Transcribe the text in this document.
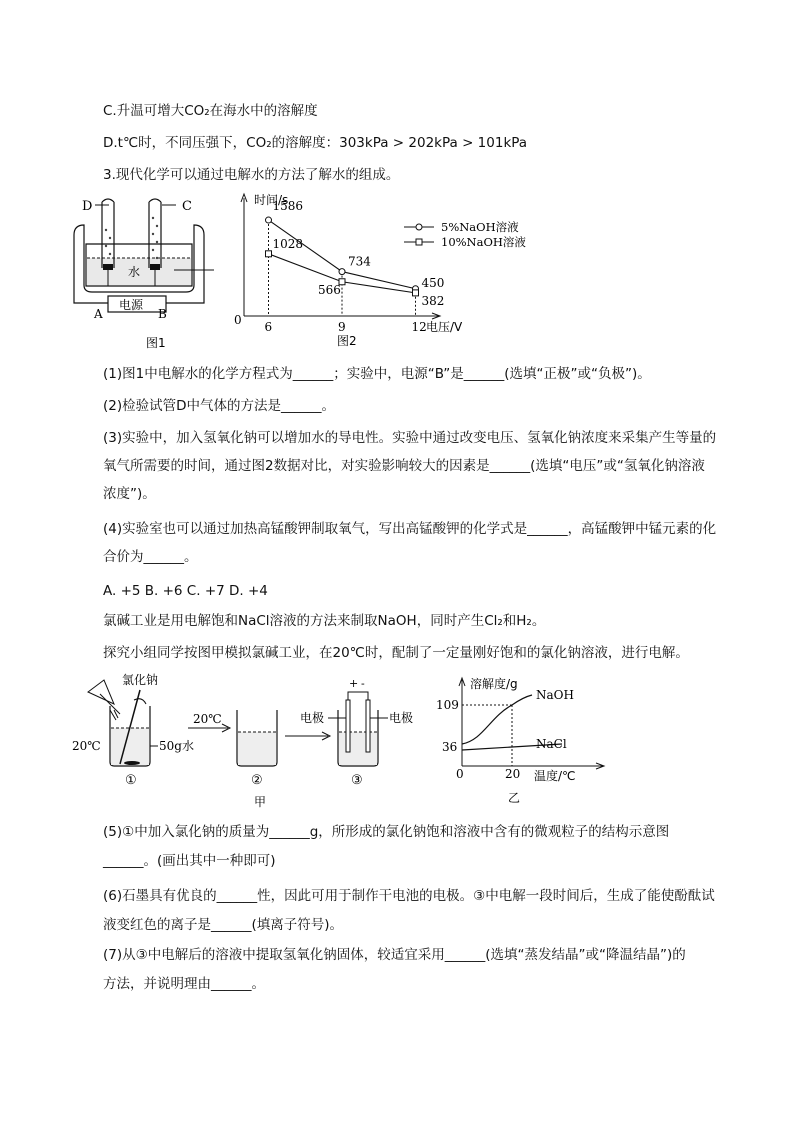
C.升温可增大CO₂在海水中的溶解度
D.t℃时，不同压强下，CO₂的溶解度：303kPa > 202kPa > 101kPa
3.现代化学可以通过电解水的方法了解水的组成。
D	C
水
电源
A	B
图1
时间/s
电压/V
0 6	9	12
1586
734
450
1028
566
382
5%NaOH溶液
10%NaOH溶液
图2
(1)图1中电解水的化学方程式为______；实验中，电源“B”是______(选填“正极”或“负极”)。
(2)检验试管D中气体的方法是______。
(3)实验中，加入氢氧化钠可以增加水的导电性。实验中通过改变电压、氢氧化钠浓度来采集产生等量的
氧气所需要的时间，通过图2数据对比，对实验影响较大的因素是______(选填“电压”或“氢氧化钠溶液
浓度”)。
(4)实验室也可以通过加热高锰酸钾制取氧气，写出高锰酸钾的化学式是______，高锰酸钾中锰元素的化
合价为______。
A. +5 B. +6 C. +7 D. +4
氯碱工业是用电解饱和NaCl溶液的方法来制取NaOH，同时产生Cl₂和H₂。
探究小组同学按图甲模拟氯碱工业，在20℃时，配制了一定量刚好饱和的氯化钠溶液，进行电解。
氯化钠
20℃	50g水
①
20℃
②
+ -
电极	电极
③
甲
溶解度/g
温度/℃
0
109
36
20
NaOH
NaCl
乙
(5)①中加入氯化钠的质量为______g，所形成的氯化钠饱和溶液中含有的微观粒子的结构示意图
______。(画出其中一种即可)
(6)石墨具有优良的______性，因此可用于制作干电池的电极。③中电解一段时间后，生成了能使酚酞试
液变红色的离子是______(填离子符号)。
(7)从③中电解后的溶液中提取氢氧化钠固体，较适宜采用______(选填“蒸发结晶”或“降温结晶”)的
方法，并说明理由______。
